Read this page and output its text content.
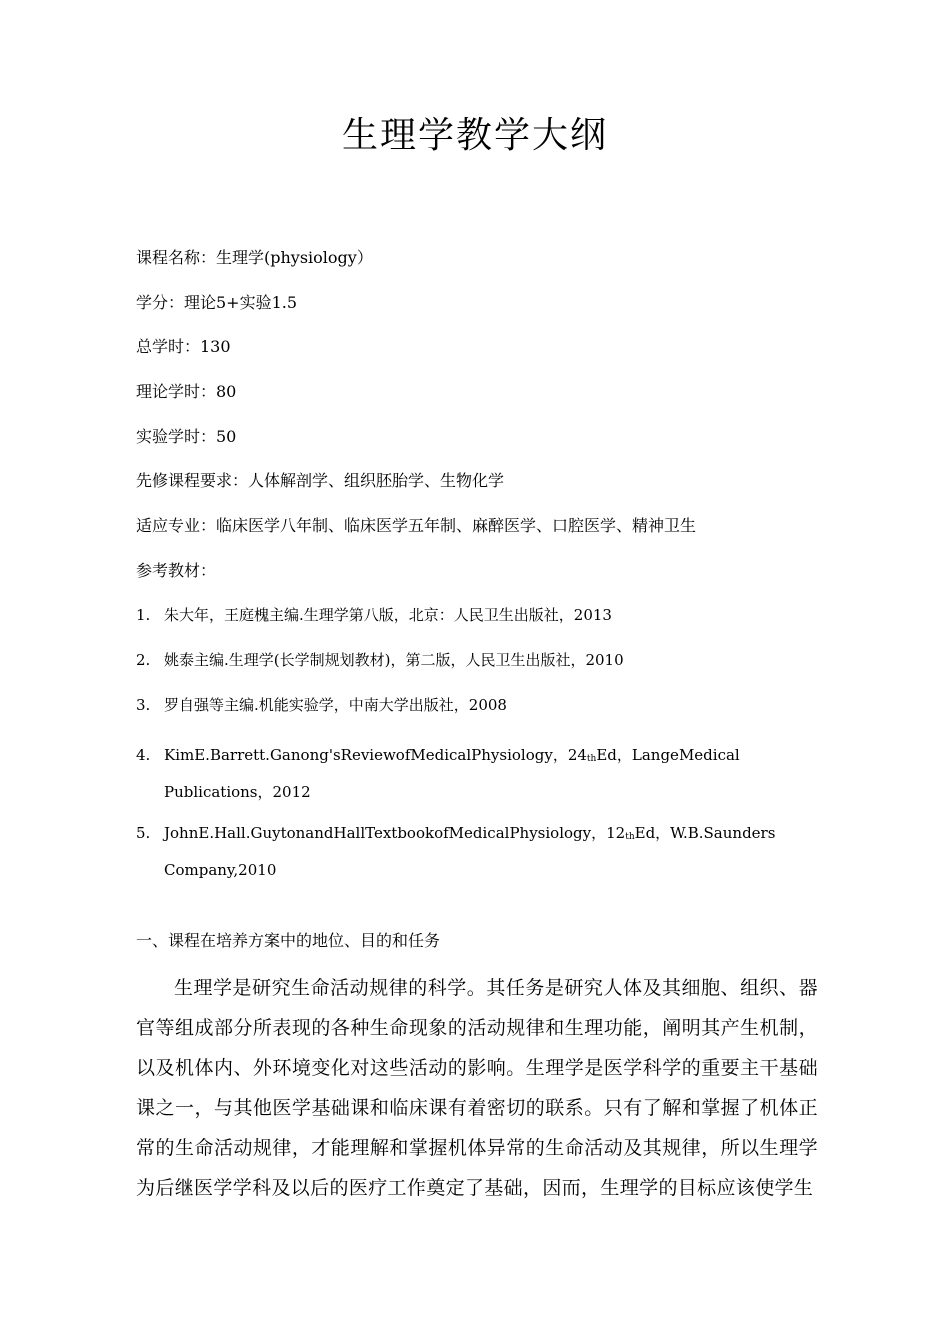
生理学教学大纲
课程名称：生理学(physiology）
学分：理论5+实验1.5
总学时：130
理论学时：80
实验学时：50
先修课程要求：人体解剖学、组织胚胎学、生物化学
适应专业：临床医学八年制、临床医学五年制、麻醉医学、口腔医学、精神卫生
参考教材：
1. 朱大年，王庭槐主编.生理学第八版，北京：人民卫生出版社，2013
2. 姚泰主编.生理学(长学制规划教材)，第二版，人民卫生出版社，2010
3. 罗自强等主编.机能实验学，中南大学出版社，2008
4. KimE.Barrett.Ganong'sReviewofMedicalPhysiology，24thEd，LangeMedical
Publications，2012
5. JohnE.Hall.GuytonandHallTextbookofMedicalPhysiology，12thEd，W.B.Saunders
Company,2010
一、课程在培养方案中的地位、目的和任务
生理学是研究生命活动规律的科学。其任务是研究人体及其细胞、组织、器官等组成部分所表现的各种生命现象的活动规律和生理功能，阐明其产生机制，以及机体内、外环境变化对这些活动的影响。生理学是医学科学的重要主干基础课之一，与其他医学基础课和临床课有着密切的联系。只有了解和掌握了机体正常的生命活动规律，才能理解和掌握机体异常的生命活动及其规律，所以生理学为后继医学学科及以后的医疗工作奠定了基础，因而，生理学的目标应该使学生
